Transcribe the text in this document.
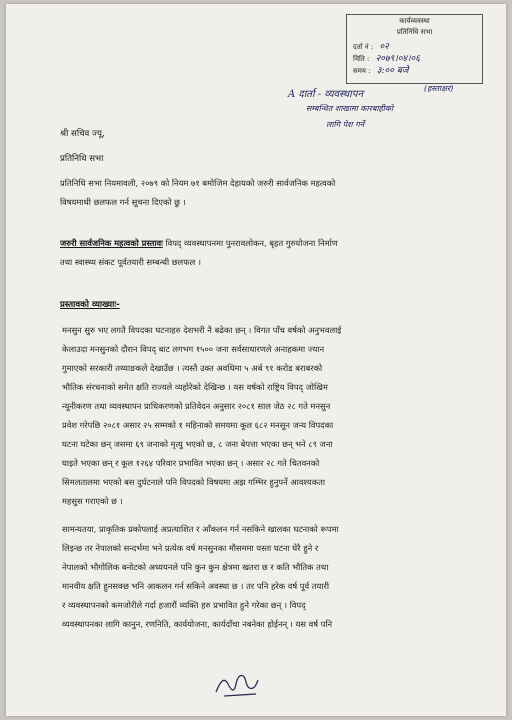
कार्यव्यवस्था
प्रतिनिधि सभा
दर्ता नं : ०२
मिति : २०७९।०४।०६
समय : ३:०० बजे
A दार्ता - व्यवस्थापन
(हस्ताक्षर)
सम्बन्धित शाखामा कारबाहीको
लागि पेश गर्ने
श्री सचिव ज्यू,
प्रतिनिधि सभा
प्रतिनिधि सभा नियमावली, २०७९ को नियम ७१ बमोजिम देहायको जरुरी सार्वजनिक महत्वको
विषयमाथी छलफल गर्न सूचना दिएको छु ।
जरुरी सार्वजनिक महत्वको प्रस्तावः विपद् व्यवस्थापनमा पुनरावलोकन, बृहत गुरुयोजना निर्माण
तथा स्वास्थ्य संकट पूर्वतयारी सम्बन्धी छलफल ।
प्रस्तावको व्याख्याः-
मनसुन सुरु भए लगतै विपदका घटनाहरु देशभरी नै बढेका छन् । विगत पाँच वर्षको अनुभवलाई
केलाउदा मनसुनको दौरान विपद् बाट लगभग १५०० जना सर्वसाधारणले अनाहकमा ज्यान
गुमाएको सरकारी तथ्याङकले देखाउँछ । त्यस्तै उक्त अवधिमा ५ अर्ब ९१ करोड बराबरको
भौतिक संरचनाको समेत क्षति राज्यले व्यहोरेको देखिन्छ । यस वर्षको राष्ट्रिय विपद् जोखिम
न्यूनीकरण तथा व्यवस्थापन प्राधिकरणको प्रतिवेदन अनुसार २०८१ साल जेठ २८ गते मनसुन
प्रवेश गरेपछि २०८१ असार २५ सम्मको १ महिनाको समयमा कूल ६८२ मनसुन जन्य विपदका
घटना घटेका छन् जसमा ६९ जनाको मृत्यु भएको छ, ८ जना बेपत्ता भएका छन् भने ८९ जना
घाइते भएका छन् र कूल १२६४ परिवार प्रभावित भएका छन् । असार २८ गते चितवनको
सिमलतालमा भएको बस दुर्घटनाले पनि विपदको विषयमा अझ गम्भिर हुनुपर्ने आवश्यकता
महसुस गराएको छ ।
सामन्यतया, प्राकृतिक प्रकोपलाई अप्रत्याशित र आँकलन गर्न नसकिने खालका घटनाको रूपमा
लिइन्छ तर नेपालको सन्दर्भमा भने प्रत्येक वर्ष मनसुनका मौसममा यस्ता घटना घेरै हुने र
नेपालको भौगोलिक बनोटको अध्ययनले पनि कुन कुन क्षेत्रमा खतरा छ र कति भौतिक तथा
मानवीय क्षति हुनसक्छ भनि आकलन गर्न सकिने अवस्था छ । तर पनि हरेक वर्ष पूर्व तयारी
र व्यवस्थापनको कमजोरीले गर्दा हजारौं व्यक्ति हरु प्रभावित हुने गरेका छन् । विपद्
व्यवस्थापनका लागि कानुन, रणनिति, कार्ययोजना, कार्यदाँचा नबनेका होईनन् । यस वर्ष पनि
